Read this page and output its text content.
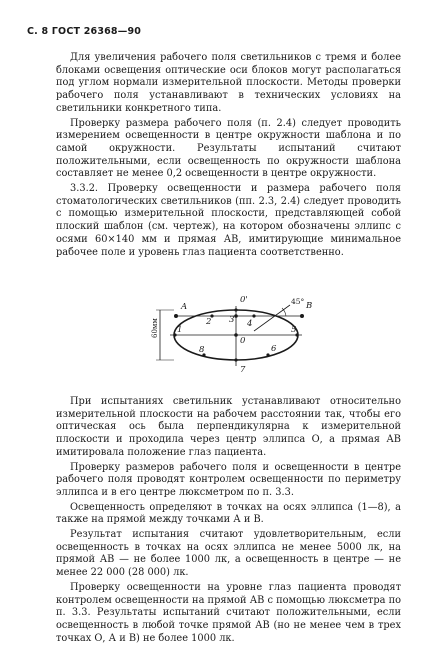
С. 8 ГОСТ 26368—90

Для увеличения рабочего поля светильников с тремя и более блоками освещения оптические оси блоков могут располагаться под углом нормали измерительной плоскости. Методы проверки рабочего поля устанавливают в технических условиях на светильники конкретного типа.

Проверку размера рабочего поля (п. 2.4) следует проводить измерением освещенности в центре окружности шаблона и по самой окружности. Результаты испытаний считают положительными, если освещенность по окружности шаблона составляет не менее 0,2 освещенности в центре окружности.

3.3.2. Проверку освещенности и размера рабочего поля стоматологических светильников (пп. 2.3, 2.4) следует проводить с помощью измерительной плоскости, представляющей собой плоский шаблон (см. чертеж), на котором обозначены эллипс с осями 60×140 мм и прямая АВ, имитирующие минимальное рабочее поле и уровень глаз пациента соответственно.

60мм
A	B
0'
0
45°
1
2 3 4
5
6
7
8

При испытаниях светильник устанавливают относительно измерительной плоскости на рабочем расстоянии так, чтобы его оптическая ось была перпендикулярна к измерительной плоскости и проходила через центр эллипса О, а прямая АВ имитировала положение глаз пациента.

Проверку размеров рабочего поля и освещенности в центре рабочего поля проводят контролем освещенности по периметру эллипса и в его центре люксметром по п. 3.3.

Освещенность определяют в точках на осях эллипса (1—8), а также на прямой между точками А и В.

Результат испытания считают удовлетворительным, если освещенность в точках на осях эллипса не менее 5000 лк, на прямой АВ — не более 1000 лк, а освещенность в центре — не менее 22 000 (28 000) лк.

Проверку освещенности на уровне глаз пациента проводят контролем освещенности на прямой АВ с помощью люксметра по п. 3.3. Результаты испытаний считают положительными, если освещенность в любой точке прямой АВ (но не менее чем в трех точках О, А и В) не более 1000 лк.
